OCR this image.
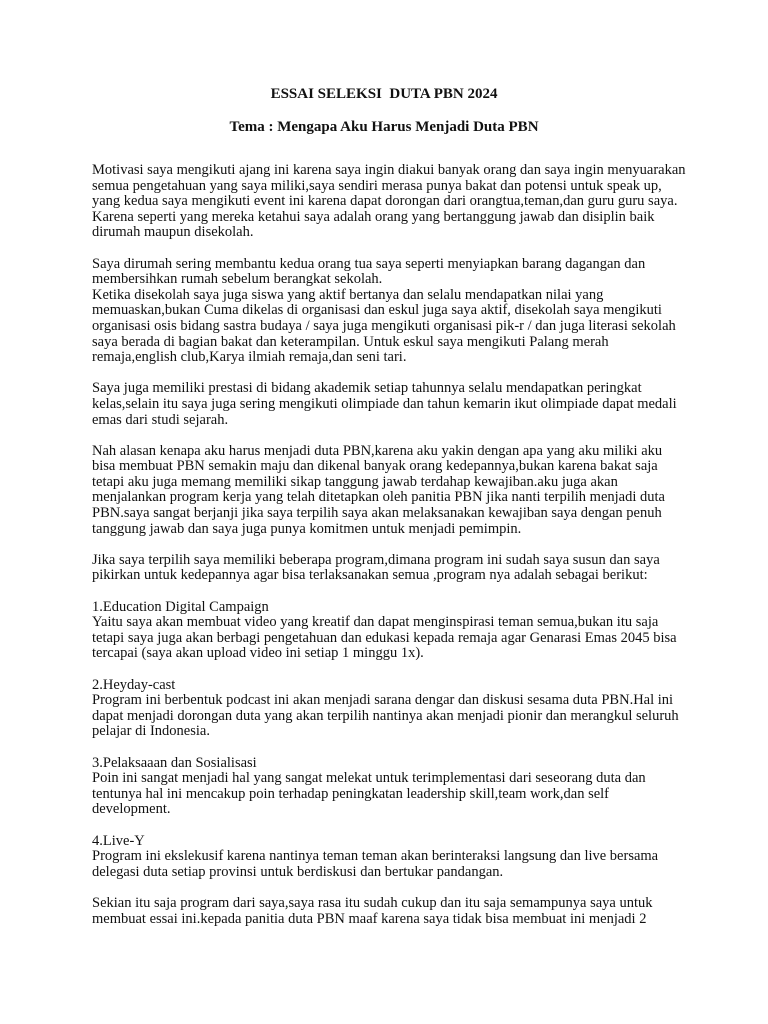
ESSAI SELEKSI  DUTA PBN 2024
Tema : Mengapa Aku Harus Menjadi Duta PBN
Motivasi saya mengikuti ajang ini karena saya ingin diakui banyak orang dan saya ingin menyuarakan
semua pengetahuan yang saya miliki,saya sendiri merasa punya bakat dan potensi untuk speak up,
yang kedua saya mengikuti event ini karena dapat dorongan dari orangtua,teman,dan guru guru saya.
Karena seperti yang mereka ketahui saya adalah orang yang bertanggung jawab dan disiplin baik
dirumah maupun disekolah.
Saya dirumah sering membantu kedua orang tua saya seperti menyiapkan barang dagangan dan
membersihkan rumah sebelum berangkat sekolah.
Ketika disekolah saya juga siswa yang aktif bertanya dan selalu mendapatkan nilai yang
memuaskan,bukan Cuma dikelas di organisasi dan eskul juga saya aktif, disekolah saya mengikuti
organisasi osis bidang sastra budaya / saya juga mengikuti organisasi pik-r / dan juga literasi sekolah
saya berada di bagian bakat dan keterampilan. Untuk eskul saya mengikuti Palang merah
remaja,english club,Karya ilmiah remaja,dan seni tari.
Saya juga memiliki prestasi di bidang akademik setiap tahunnya selalu mendapatkan peringkat
kelas,selain itu saya juga sering mengikuti olimpiade dan tahun kemarin ikut olimpiade dapat medali
emas dari studi sejarah.
Nah alasan kenapa aku harus menjadi duta PBN,karena aku yakin dengan apa yang aku miliki aku
bisa membuat PBN semakin maju dan dikenal banyak orang kedepannya,bukan karena bakat saja
tetapi aku juga memang memiliki sikap tanggung jawab terdahap kewajiban.aku juga akan
menjalankan program kerja yang telah ditetapkan oleh panitia PBN jika nanti terpilih menjadi duta
PBN.saya sangat berjanji jika saya terpilih saya akan melaksanakan kewajiban saya dengan penuh
tanggung jawab dan saya juga punya komitmen untuk menjadi pemimpin.
Jika saya terpilih saya memiliki beberapa program,dimana program ini sudah saya susun dan saya
pikirkan untuk kedepannya agar bisa terlaksanakan semua ,program nya adalah sebagai berikut:
1.Education Digital Campaign
Yaitu saya akan membuat video yang kreatif dan dapat menginspirasi teman semua,bukan itu saja
tetapi saya juga akan berbagi pengetahuan dan edukasi kepada remaja agar Genarasi Emas 2045 bisa
tercapai (saya akan upload video ini setiap 1 minggu 1x).
2.Heyday-cast
Program ini berbentuk podcast ini akan menjadi sarana dengar dan diskusi sesama duta PBN.Hal ini
dapat menjadi dorongan duta yang akan terpilih nantinya akan menjadi pionir dan merangkul seluruh
pelajar di Indonesia.
3.Pelaksaaan dan Sosialisasi
Poin ini sangat menjadi hal yang sangat melekat untuk terimplementasi dari seseorang duta dan
tentunya hal ini mencakup poin terhadap peningkatan leadership skill,team work,dan self
development.
4.Live-Y
Program ini ekslekusif karena nantinya teman teman akan berinteraksi langsung dan live bersama
delegasi duta setiap provinsi untuk berdiskusi dan bertukar pandangan.
Sekian itu saja program dari saya,saya rasa itu sudah cukup dan itu saja semampunya saya untuk
membuat essai ini.kepada panitia duta PBN maaf karena saya tidak bisa membuat ini menjadi 2
